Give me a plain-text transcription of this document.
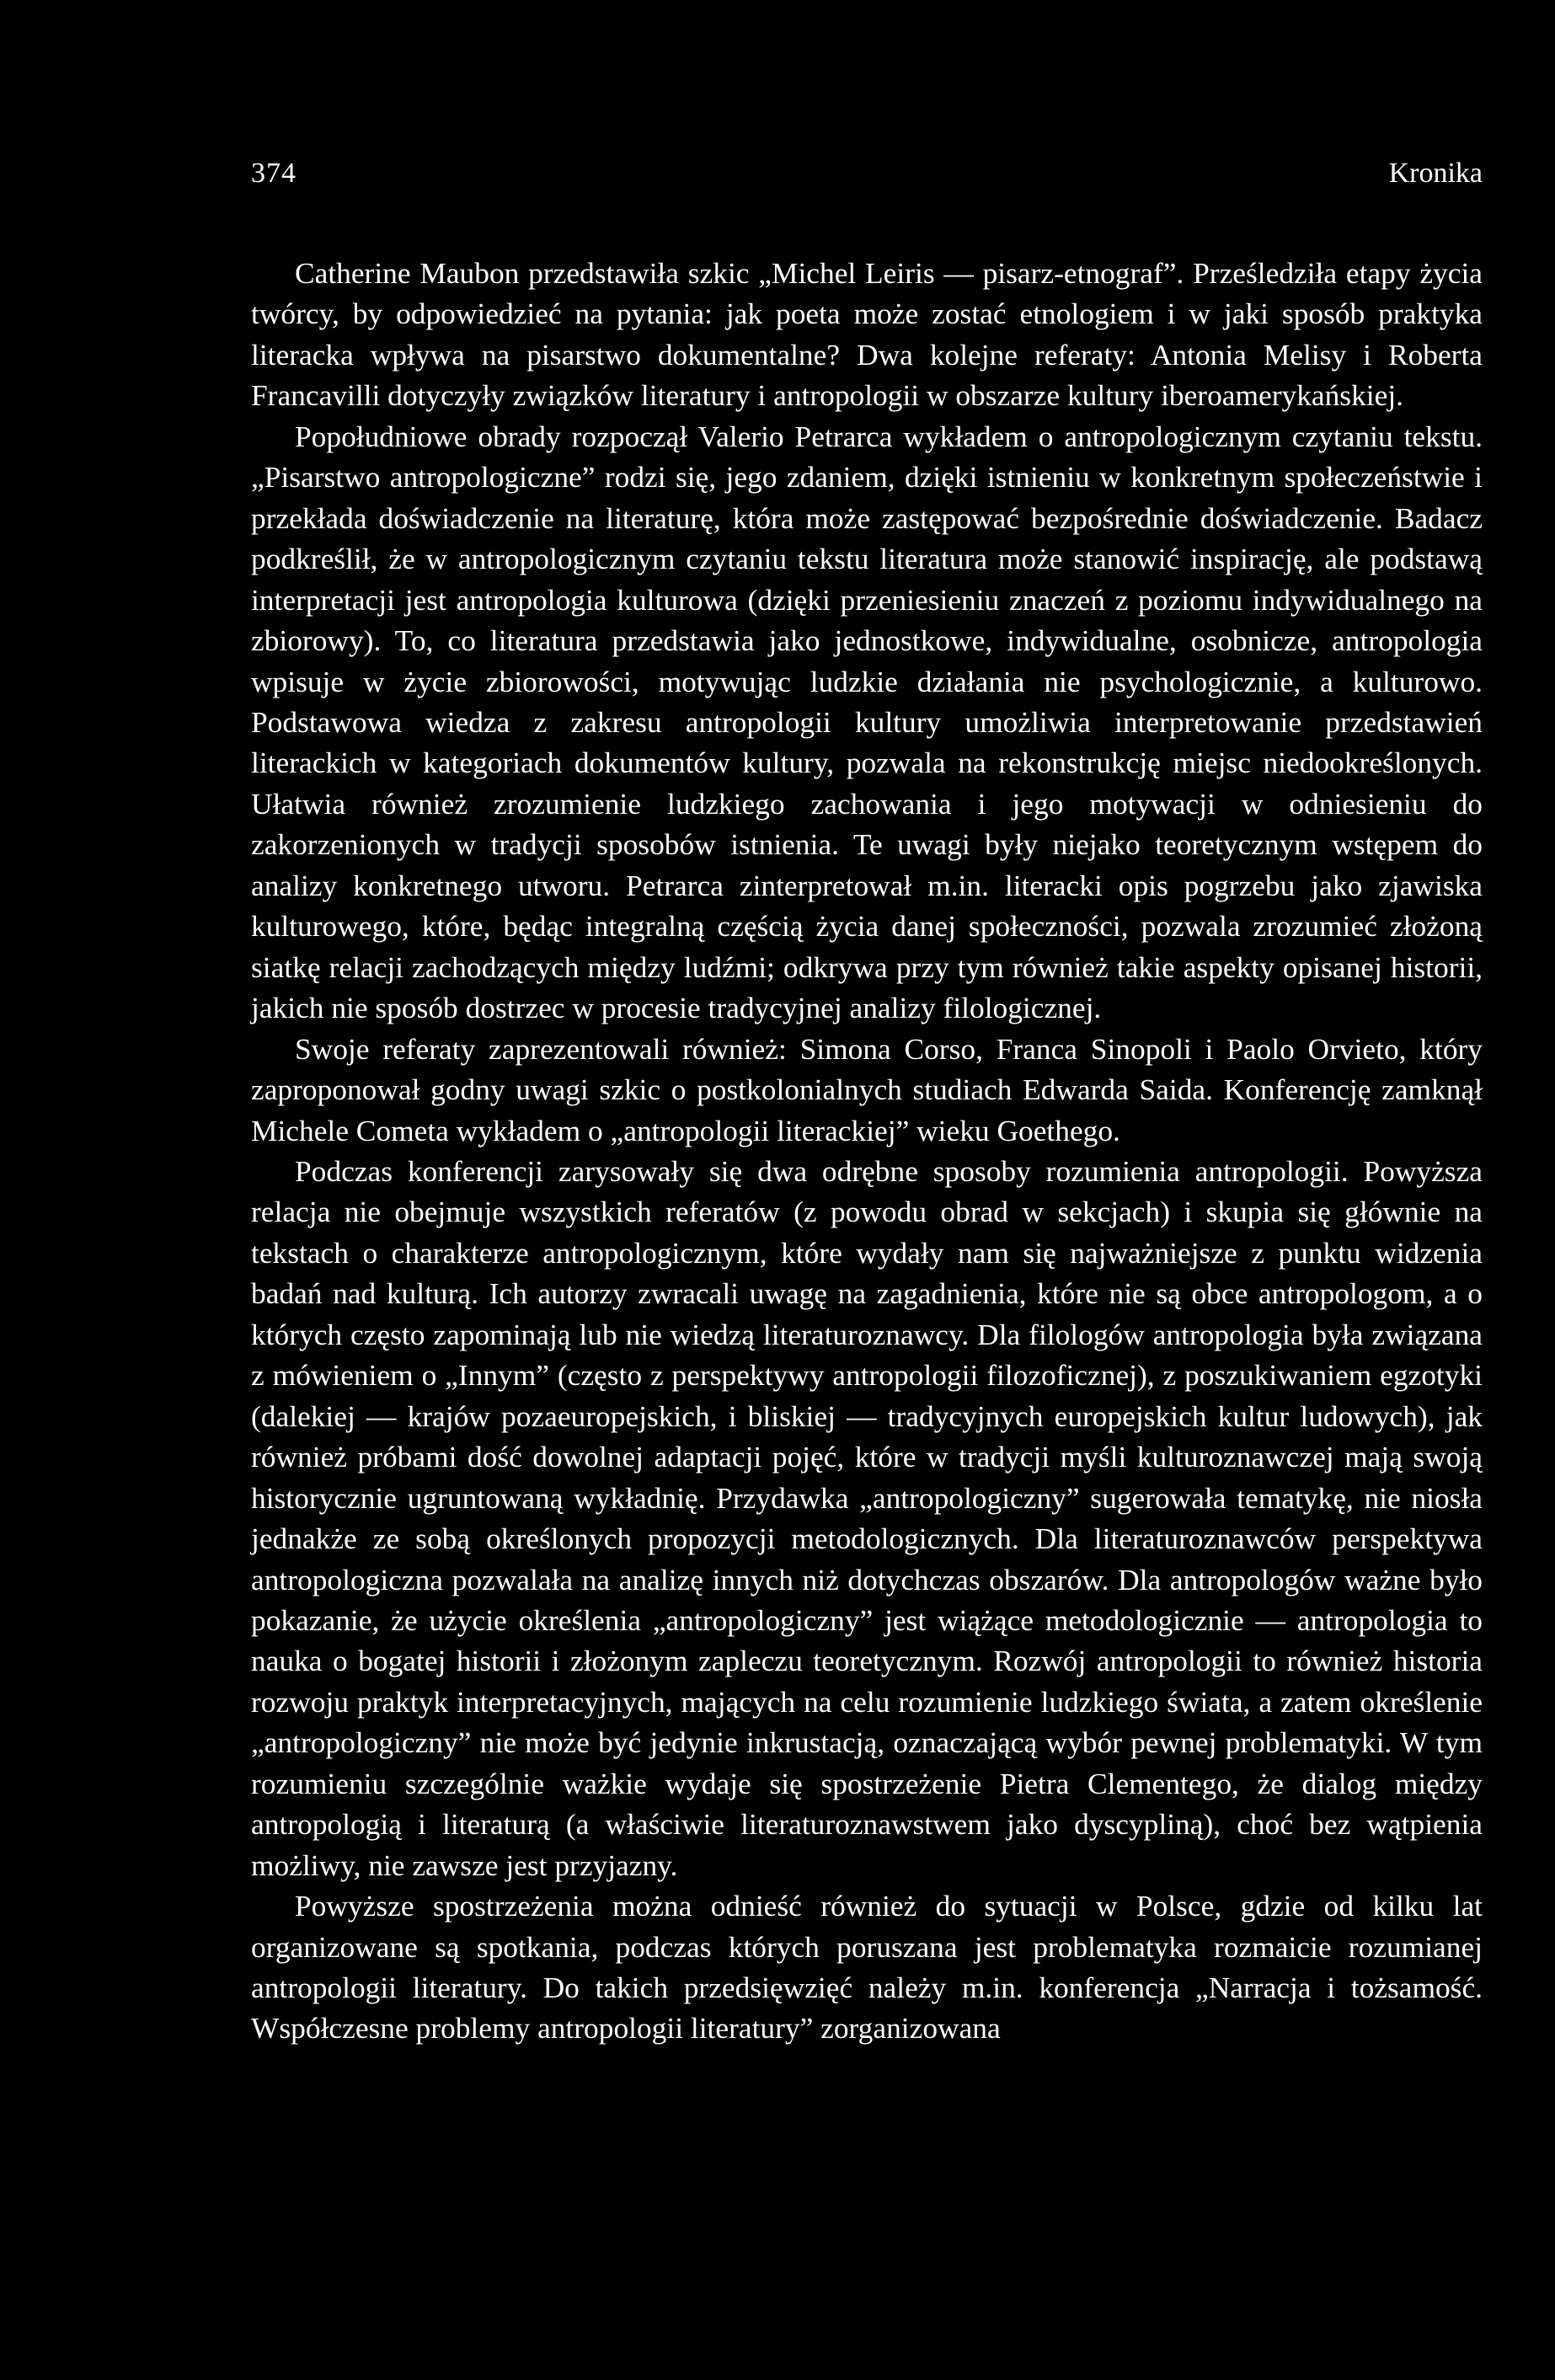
374	Kronika

Catherine Maubon przedstawiła szkic „Michel Leiris — pisarz-etnograf”. Prześledziła etapy życia twórcy, by odpowiedzieć na pytania: jak poeta może zostać etnologiem i w jaki sposób praktyka literacka wpływa na pisarstwo dokumentalne? Dwa kolejne referaty: Antonia Melisy i Roberta Francavilli dotyczyły związków literatury i antropologii w obszarze kultury iberoamerykańskiej.

Popołudniowe obrady rozpoczął Valerio Petrarca wykładem o antropologicznym czytaniu tekstu. „Pisarstwo antropologiczne” rodzi się, jego zdaniem, dzięki istnieniu w konkretnym społeczeństwie i przekłada doświadczenie na literaturę, która może zastępować bezpośrednie doświadczenie. Badacz podkreślił, że w antropologicznym czytaniu tekstu literatura może stanowić inspirację, ale podstawą interpretacji jest antropologia kulturowa (dzięki przeniesieniu znaczeń z poziomu indywidualnego na zbiorowy). To, co literatura przedstawia jako jednostkowe, indywidualne, osobnicze, antropologia wpisuje w życie zbiorowości, motywując ludzkie działania nie psychologicznie, a kulturowo. Podstawowa wiedza z zakresu antropologii kultury umożliwia interpretowanie przedstawień literackich w kategoriach dokumentów kultury, pozwala na rekonstrukcję miejsc niedookreślonych. Ułatwia również zrozumienie ludzkiego zachowania i jego motywacji w odniesieniu do zakorzenionych w tradycji sposobów istnienia. Te uwagi były niejako teoretycznym wstępem do analizy konkretnego utworu. Petrarca zinterpretował m.in. literacki opis pogrzebu jako zjawiska kulturowego, które, będąc integralną częścią życia danej społeczności, pozwala zrozumieć złożoną siatkę relacji zachodzących między ludźmi; odkrywa przy tym również takie aspekty opisanej historii, jakich nie sposób dostrzec w procesie tradycyjnej analizy filologicznej.

Swoje referaty zaprezentowali również: Simona Corso, Franca Sinopoli i Paolo Orvieto, który zaproponował godny uwagi szkic o postkolonialnych studiach Edwarda Saida. Konferencję zamknął Michele Cometa wykładem o „antropologii literackiej” wieku Goethego.

Podczas konferencji zarysowały się dwa odrębne sposoby rozumienia antropologii. Powyższa relacja nie obejmuje wszystkich referatów (z powodu obrad w sekcjach) i skupia się głównie na tekstach o charakterze antropologicznym, które wydały nam się najważniejsze z punktu widzenia badań nad kulturą. Ich autorzy zwracali uwagę na zagadnienia, które nie są obce antropologom, a o których często zapominają lub nie wiedzą literaturoznawcy. Dla filologów antropologia była związana z mówieniem o „Innym” (często z perspektywy antropologii filozoficznej), z poszukiwaniem egzotyki (dalekiej — krajów pozaeuropejskich, i bliskiej — tradycyjnych europejskich kultur ludowych), jak również próbami dość dowolnej adaptacji pojęć, które w tradycji myśli kulturoznawczej mają swoją historycznie ugruntowaną wykładnię. Przydawka „antropologiczny” sugerowała tematykę, nie niosła jednakże ze sobą określonych propozycji metodologicznych. Dla literaturoznawców perspektywa antropologiczna pozwalała na analizę innych niż dotychczas obszarów. Dla antropologów ważne było pokazanie, że użycie określenia „antropologiczny” jest wiążące metodologicznie — antropologia to nauka o bogatej historii i złożonym zapleczu teoretycznym. Rozwój antropologii to również historia rozwoju praktyk interpretacyjnych, mających na celu rozumienie ludzkiego świata, a zatem określenie „antropologiczny” nie może być jedynie inkrustacją, oznaczającą wybór pewnej problematyki. W tym rozumieniu szczególnie ważkie wydaje się spostrzeżenie Pietra Clementego, że dialog między antropologią i literaturą (a właściwie literaturoznawstwem jako dyscypliną), choć bez wątpienia możliwy, nie zawsze jest przyjazny.

Powyższe spostrzeżenia można odnieść również do sytuacji w Polsce, gdzie od kilku lat organizowane są spotkania, podczas których poruszana jest problematyka rozmaicie rozumianej antropologii literatury. Do takich przedsięwzięć należy m.in. konferencja „Narracja i tożsamość. Współczesne problemy antropologii literatury” zorganizowana
